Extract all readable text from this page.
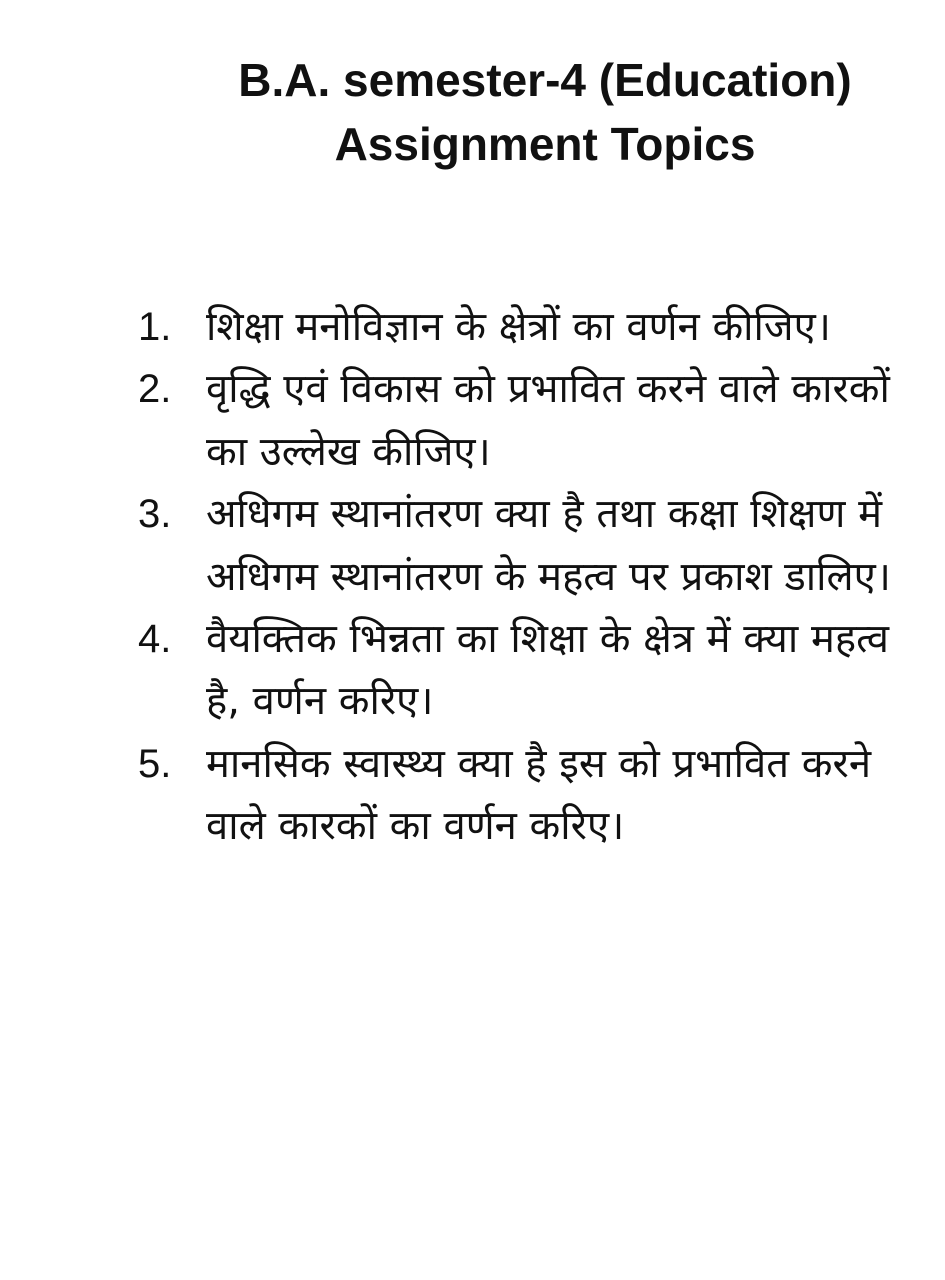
B.A. semester-4 (Education)
Assignment Topics
1. शिक्षा मनोविज्ञान के क्षेत्रों का वर्णन कीजिए।
2. वृद्धि एवं विकास को प्रभावित करने वाले कारकों का उल्लेख कीजिए।
3. अधिगम स्थानांतरण क्या है तथा कक्षा शिक्षण में अधिगम स्थानांतरण के महत्व पर प्रकाश डालिए।
4. वैयक्तिक भिन्नता का शिक्षा के क्षेत्र में क्या महत्व है, वर्णन करिए।
5. मानसिक स्वास्थ्य क्या है इस को प्रभावित करने वाले कारकों का वर्णन करिए।
